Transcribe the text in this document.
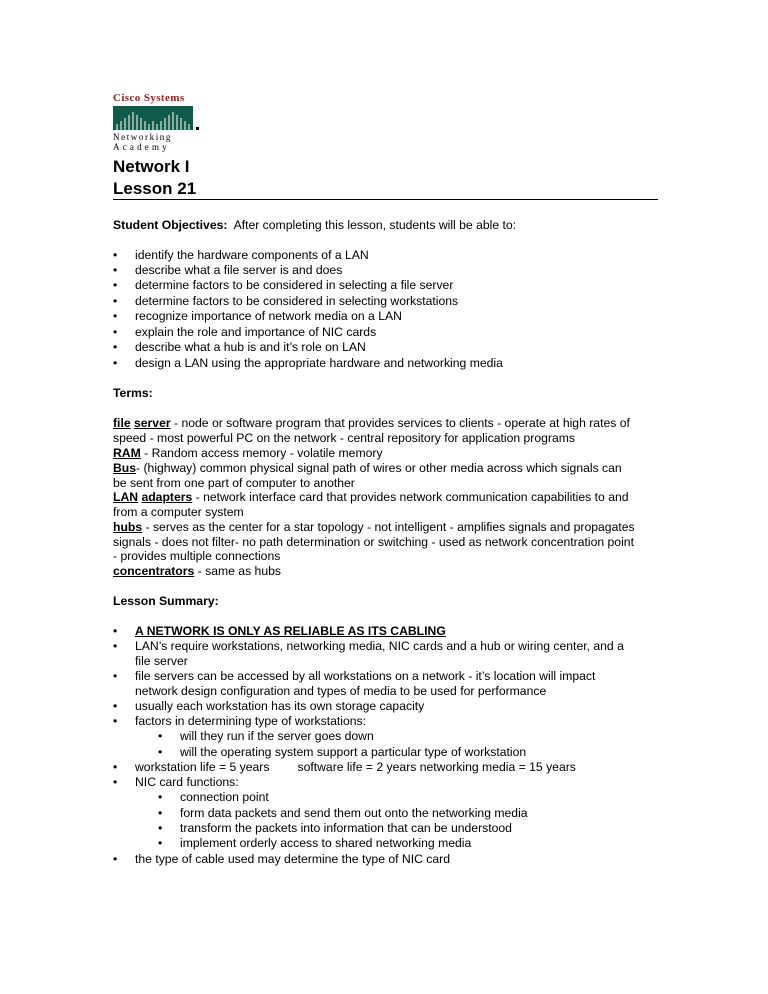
Cisco Systems
Networking
Academy
Network I
Lesson 21
Student Objectives: After completing this lesson, students will be able to:
• identify the hardware components of a LAN
• describe what a file server is and does
• determine factors to be considered in selecting a file server
• determine factors to be considered in selecting workstations
• recognize importance of network media on a LAN
• explain the role and importance of NIC cards
• describe what a hub is and it’s role on LAN
• design a LAN using the appropriate hardware and networking media
Terms:
file server - node or software program that provides services to clients - operate at high rates of
speed - most powerful PC on the network - central repository for application programs
RAM - Random access memory - volatile memory
Bus- (highway) common physical signal path of wires or other media across which signals can
be sent from one part of computer to another
LAN adapters - network interface card that provides network communication capabilities to and
from a computer system
hubs - serves as the center for a star topology - not intelligent - amplifies signals and propagates
signals - does not filter- no path determination or switching - used as network concentration point
- provides multiple connections
concentrators - same as hubs
Lesson Summary:
• A NETWORK IS ONLY AS RELIABLE AS ITS CABLING
• LAN’s require workstations, networking media, NIC cards and a hub or wiring center, and a
file server
• file servers can be accessed by all workstations on a network - it’s location will impact
network design configuration and types of media to be used for performance
• usually each workstation has its own storage capacity
• factors in determining type of workstations:
• will they run if the server goes down
• will the operating system support a particular type of workstation
• workstation life = 5 years software life = 2 years networking media = 15 years
• NIC card functions:
• connection point
• form data packets and send them out onto the networking media
• transform the packets into information that can be understood
• implement orderly access to shared networking media
• the type of cable used may determine the type of NIC card
